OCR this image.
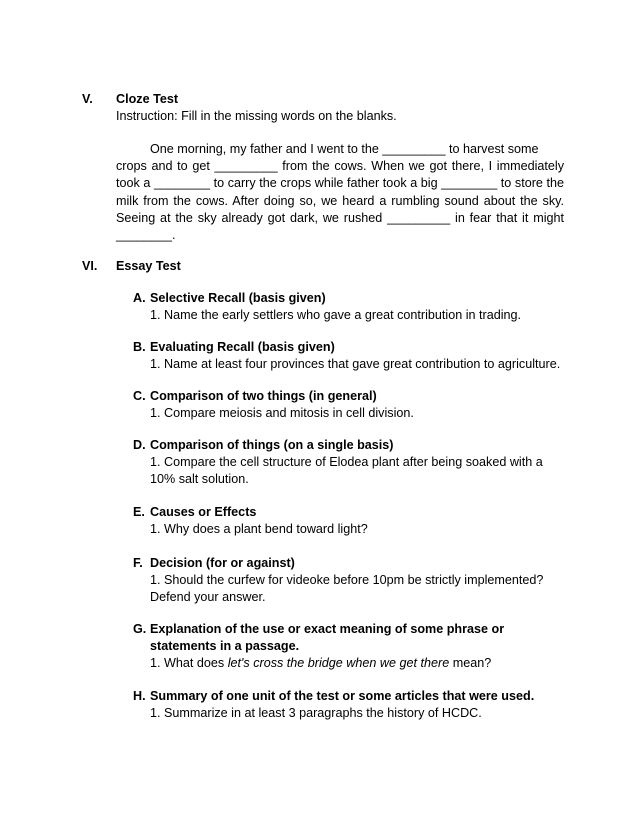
V. Cloze Test
Instruction: Fill in the missing words on the blanks.
One morning, my father and I went to the _________ to harvest some
crops and to get _________ from the cows. When we got there, I immediately
took a ________ to carry the crops while father took a big ________ to store the
milk from the cows. After doing so, we heard a rumbling sound about the sky.
Seeing at the sky already got dark, we rushed _________ in fear that it might
________.
VI. Essay Test
A. Selective Recall (basis given)
1. Name the early settlers who gave a great contribution in trading.
B. Evaluating Recall (basis given)
1. Name at least four provinces that gave great contribution to agriculture.
C. Comparison of two things (in general)
1. Compare meiosis and mitosis in cell division.
D. Comparison of things (on a single basis)
1. Compare the cell structure of Elodea plant after being soaked with a
10% salt solution.
E. Causes or Effects
1. Why does a plant bend toward light?
F. Decision (for or against)
1. Should the curfew for videoke before 10pm be strictly implemented?
Defend your answer.
G. Explanation of the use or exact meaning of some phrase or
statements in a passage.
1. What does let's cross the bridge when we get there mean?
H. Summary of one unit of the test or some articles that were used.
1. Summarize in at least 3 paragraphs the history of HCDC.
